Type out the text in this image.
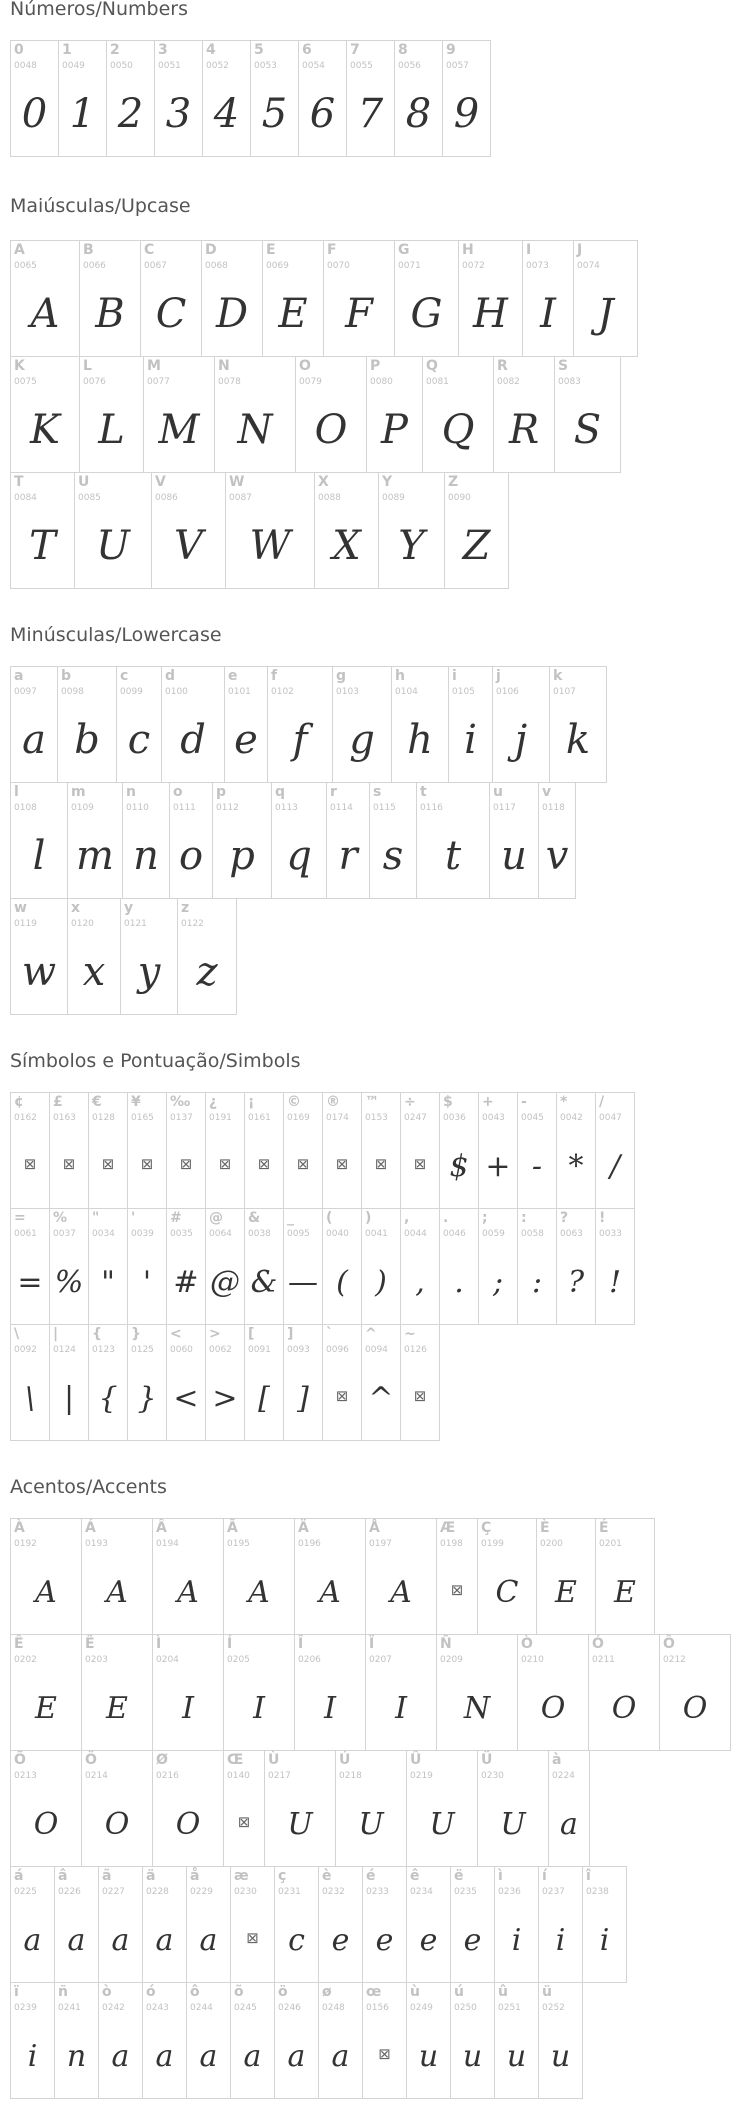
Números/Numbers
0
0048
0
1
0049
1
2
0050
2
3
0051
3
4
0052
4
5
0053
5
6
0054
6
7
0055
7
8
0056
8
9
0057
9
Maiúsculas/Upcase
A
0065
A
B
0066
B
C
0067
C
D
0068
D
E
0069
E
F
0070
F
G
0071
G
H
0072
H
I
0073
I
J
0074
J
K
0075
K
L
0076
L
M
0077
M
N
0078
N
O
0079
O
P
0080
P
Q
0081
Q
R
0082
R
S
0083
S
T
0084
T
U
0085
U
V
0086
V
W
0087
W
X
0088
X
Y
0089
Y
Z
0090
Z
Minúsculas/Lowercase
a
0097
a
b
0098
b
c
0099
c
d
0100
d
e
0101
e
f
0102
f
g
0103
g
h
0104
h
i
0105
i
j
0106
j
k
0107
k
l
0108
l
m
0109
m
n
0110
n
o
0111
o
p
0112
p
q
0113
q
r
0114
r
s
0115
s
t
0116
t
u
0117
u
v
0118
v
w
0119
w
x
0120
x
y
0121
y
z
0122
z
Símbolos e Pontuação/Simbols
¢
0162
⊠
£
0163
⊠
€
0128
⊠
¥
0165
⊠
‰
0137
⊠
¿
0191
⊠
¡
0161
⊠
©
0169
⊠
®
0174
⊠
™
0153
⊠
÷
0247
⊠
$
0036
$
+
0043
+
-
0045
-
*
0042
*
/
0047
/
=
0061
=
%
0037
%
"
0034
"
'
0039
'
#
0035
#
@
0064
@
&
0038
&
_
0095
—
(
0040
(
)
0041
)
,
0044
,
.
0046
.
;
0059
;
:
0058
:
?
0063
?
!
0033
!
\
0092
\
|
0124
|
{
0123
{
}
0125
}
<
0060
<
>
0062
>
[
0091
[
]
0093
]
`
0096
⊠
^
0094
^
~
0126
⊠
Acentos/Accents
À
0192
A
Á
0193
A
Â
0194
A
Ã
0195
A
Ä
0196
A
Å
0197
A
Æ
0198
⊠
Ç
0199
C
È
0200
E
É
0201
E
Ê
0202
E
Ë
0203
E
Ì
0204
I
Í
0205
I
Î
0206
I
Ï
0207
I
Ñ
0209
N
Ò
0210
O
Ó
0211
O
Ô
0212
O
Õ
0213
O
Ö
0214
O
Ø
0216
O
Œ
0140
⊠
Ù
0217
U
Ú
0218
U
Û
0219
U
Ü
0230
U
à
0224
a
á
0225
a
â
0226
a
ã
0227
a
ä
0228
a
å
0229
a
æ
0230
⊠
ç
0231
c
è
0232
e
é
0233
e
ê
0234
e
ë
0235
e
ì
0236
i
í
0237
i
î
0238
i
ï
0239
i
ñ
0241
n
ò
0242
a
ó
0243
a
ô
0244
a
õ
0245
a
ö
0246
a
ø
0248
a
œ
0156
⊠
ù
0249
u
ú
0250
u
û
0251
u
ü
0252
u
